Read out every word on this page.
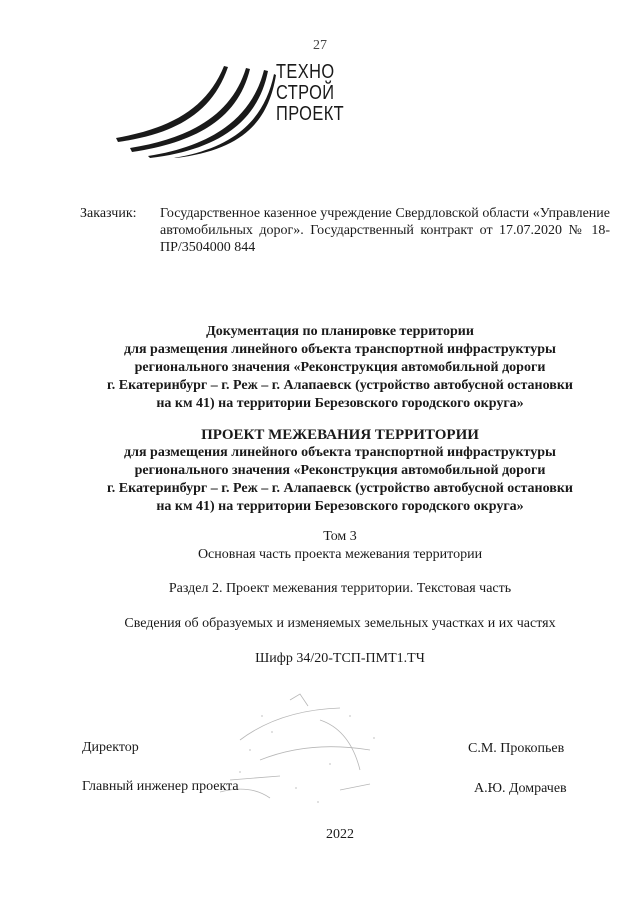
27
ТЕХНО
СТРОЙ
ПРОЕКТ
Заказчик: Государственное казенное учреждение Свердловской области «Управление автомобильных дорог». Государственный контракт от 17.07.2020 № 18-ПР/3504000 844
Документация по планировке территории
для размещения линейного объекта транспортной инфраструктуры
регионального значения «Реконструкция автомобильной дороги
г. Екатеринбург – г. Реж – г. Алапаевск (устройство автобусной остановки
на км 41) на территории Березовского городского округа»
ПРОЕКТ МЕЖЕВАНИЯ ТЕРРИТОРИИ
для размещения линейного объекта транспортной инфраструктуры
регионального значения «Реконструкция автомобильной дороги
г. Екатеринбург – г. Реж – г. Алапаевск (устройство автобусной остановки
на км 41) на территории Березовского городского округа»
Том 3
Основная часть проекта межевания территории
Раздел 2. Проект межевания территории. Текстовая часть
Сведения об образуемых и изменяемых земельных участках и их частях
Шифр 34/20-ТСП-ПМТ1.ТЧ
Директор	С.М. Прокопьев
Главный инженер проекта	А.Ю. Домрачев
2022
